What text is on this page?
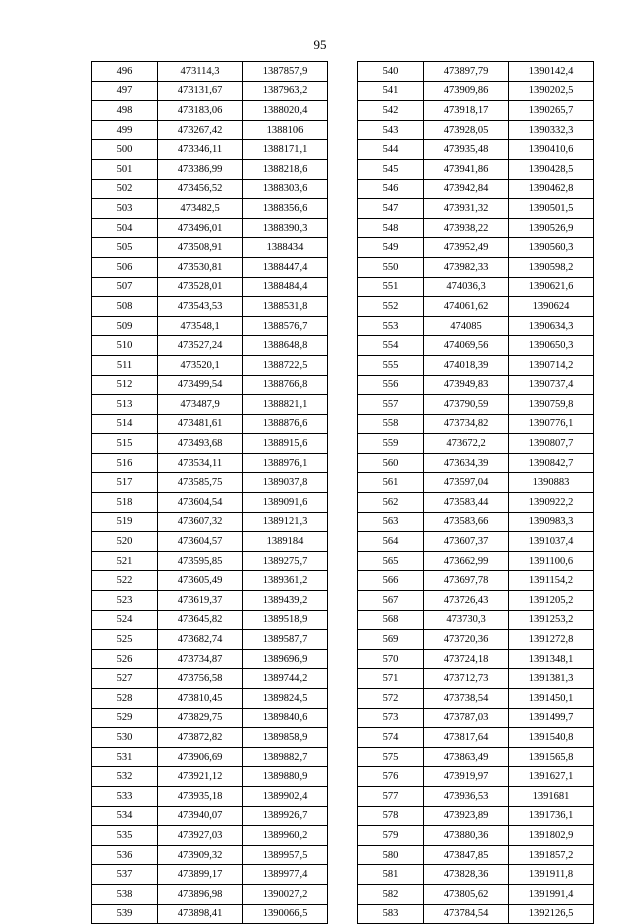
95
496	473114,3	1387857,9
497	473131,67	1387963,2
498	473183,06	1388020,4
499	473267,42	1388106
500	473346,11	1388171,1
501	473386,99	1388218,6
502	473456,52	1388303,6
503	473482,5	1388356,6
504	473496,01	1388390,3
505	473508,91	1388434
506	473530,81	1388447,4
507	473528,01	1388484,4
508	473543,53	1388531,8
509	473548,1	1388576,7
510	473527,24	1388648,8
511	473520,1	1388722,5
512	473499,54	1388766,8
513	473487,9	1388821,1
514	473481,61	1388876,6
515	473493,68	1388915,6
516	473534,11	1388976,1
517	473585,75	1389037,8
518	473604,54	1389091,6
519	473607,32	1389121,3
520	473604,57	1389184
521	473595,85	1389275,7
522	473605,49	1389361,2
523	473619,37	1389439,2
524	473645,82	1389518,9
525	473682,74	1389587,7
526	473734,87	1389696,9
527	473756,58	1389744,2
528	473810,45	1389824,5
529	473829,75	1389840,6
530	473872,82	1389858,9
531	473906,69	1389882,7
532	473921,12	1389880,9
533	473935,18	1389902,4
534	473940,07	1389926,7
535	473927,03	1389960,2
536	473909,32	1389957,5
537	473899,17	1389977,4
538	473896,98	1390027,2
539	473898,41	1390066,5
540	473897,79	1390142,4
541	473909,86	1390202,5
542	473918,17	1390265,7
543	473928,05	1390332,3
544	473935,48	1390410,6
545	473941,86	1390428,5
546	473942,84	1390462,8
547	473931,32	1390501,5
548	473938,22	1390526,9
549	473952,49	1390560,3
550	473982,33	1390598,2
551	474036,3	1390621,6
552	474061,62	1390624
553	474085	1390634,3
554	474069,56	1390650,3
555	474018,39	1390714,2
556	473949,83	1390737,4
557	473790,59	1390759,8
558	473734,82	1390776,1
559	473672,2	1390807,7
560	473634,39	1390842,7
561	473597,04	1390883
562	473583,44	1390922,2
563	473583,66	1390983,3
564	473607,37	1391037,4
565	473662,99	1391100,6
566	473697,78	1391154,2
567	473726,43	1391205,2
568	473730,3	1391253,2
569	473720,36	1391272,8
570	473724,18	1391348,1
571	473712,73	1391381,3
572	473738,54	1391450,1
573	473787,03	1391499,7
574	473817,64	1391540,8
575	473863,49	1391565,8
576	473919,97	1391627,1
577	473936,53	1391681
578	473923,89	1391736,1
579	473880,36	1391802,9
580	473847,85	1391857,2
581	473828,36	1391911,8
582	473805,62	1391991,4
583	473784,54	1392126,5
